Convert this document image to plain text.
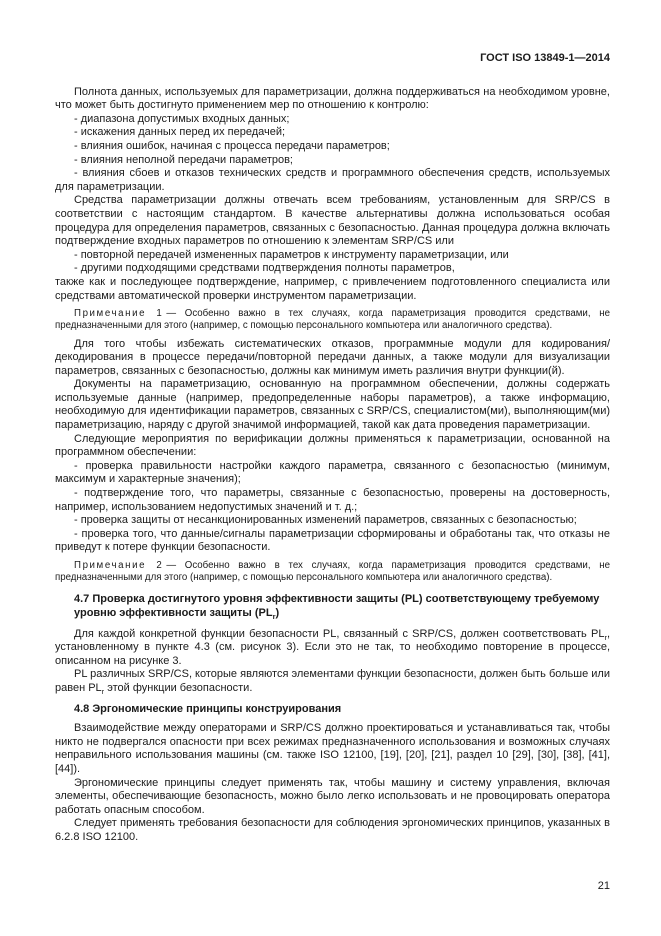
ГОСТ ISO 13849-1—2014

Полнота данных, используемых для параметризации, должна поддерживаться на необходимом уровне, что может быть достигнуто применением мер по отношению к контролю:

- диапазона допустимых входных данных;

- искажения данных перед их передачей;

- влияния ошибок, начиная с процесса передачи параметров;

- влияния неполной передачи параметров;

- влияния сбоев и отказов технических средств и программного обеспечения средств, используемых для параметризации.

Средства параметризации должны отвечать всем требованиям, установленным для SRP/CS в соответствии с настоящим стандартом. В качестве альтернативы должна использоваться особая процедура для определения параметров, связанных с безопасностью. Данная процедура должна включать подтверждение входных параметров по отношению к элементам SRP/CS или

- повторной передачей измененных параметров к инструменту параметризации, или

- другими подходящими средствами подтверждения полноты параметров,

также как и последующее подтверждение, например, с привлечением подготовленного специалиста или средствами автоматической проверки инструментом параметризации.

Примечание 1 — Особенно важно в тех случаях, когда параметризация проводится средствами, не предназначенными для этого (например, с помощью персонального компьютера или аналогичного средства).

Для того чтобы избежать систематических отказов, программные модули для кодирования/декодирования в процессе передачи/повторной передачи данных, а также модули для визуализации параметров, связанных с безопасностью, должны как минимум иметь различия внутри функции(й).

Документы на параметризацию, основанную на программном обеспечении, должны содержать используемые данные (например, предопределенные наборы параметров), а также информацию, необходимую для идентификации параметров, связанных с SRP/CS, специалистом(ми), выполняющим(ми) параметризацию, наряду с другой значимой информацией, такой как дата проведения параметризации.

Следующие мероприятия по верификации должны применяться к параметризации, основанной на программном обеспечении:

- проверка правильности настройки каждого параметра, связанного с безопасностью (минимум, максимум и характерные значения);

- подтверждение того, что параметры, связанные с безопасностью, проверены на достоверность, например, использованием недопустимых значений и т. д.;

- проверка защиты от несанкционированных изменений параметров, связанных с безопасностью;

- проверка того, что данные/сигналы параметризации сформированы и обработаны так, что отказы не приведут к потере функции безопасности.

Примечание 2 — Особенно важно в тех случаях, когда параметризация проводится средствами, не предназначенными для этого (например, с помощью персонального компьютера или аналогичного средства).

4.7 Проверка достигнутого уровня эффективности защиты (PL) соответствующему требуемому уровню эффективности защиты $(PL_r)$

Для каждой конкретной функции безопасности PL, связанный с SRP/CS, должен соответствовать $PL_r$, установленному в пункте 4.3 (см. рисунок 3). Если это не так, то необходимо повторение в процессе, описанном на рисунке 3.

PL различных SRP/CS, которые являются элементами функции безопасности, должен быть больше или равен $PL_r$ этой функции безопасности.

4.8 Эргономические принципы конструирования

Взаимодействие между операторами и SRP/CS должно проектироваться и устанавливаться так, чтобы никто не подвергался опасности при всех режимах предназначенного использования и возможных случаях неправильного использования машины (см. также ISO 12100, [19], [20], [21], раздел 10 [29], [30], [38], [41], [44]).

Эргономические принципы следует применять так, чтобы машину и систему управления, включая элементы, обеспечивающие безопасность, можно было легко использовать и не провоцировать оператора работать опасным способом.

Следует применять требования безопасности для соблюдения эргономических принципов, указанных в 6.2.8 ISO 12100.

21
